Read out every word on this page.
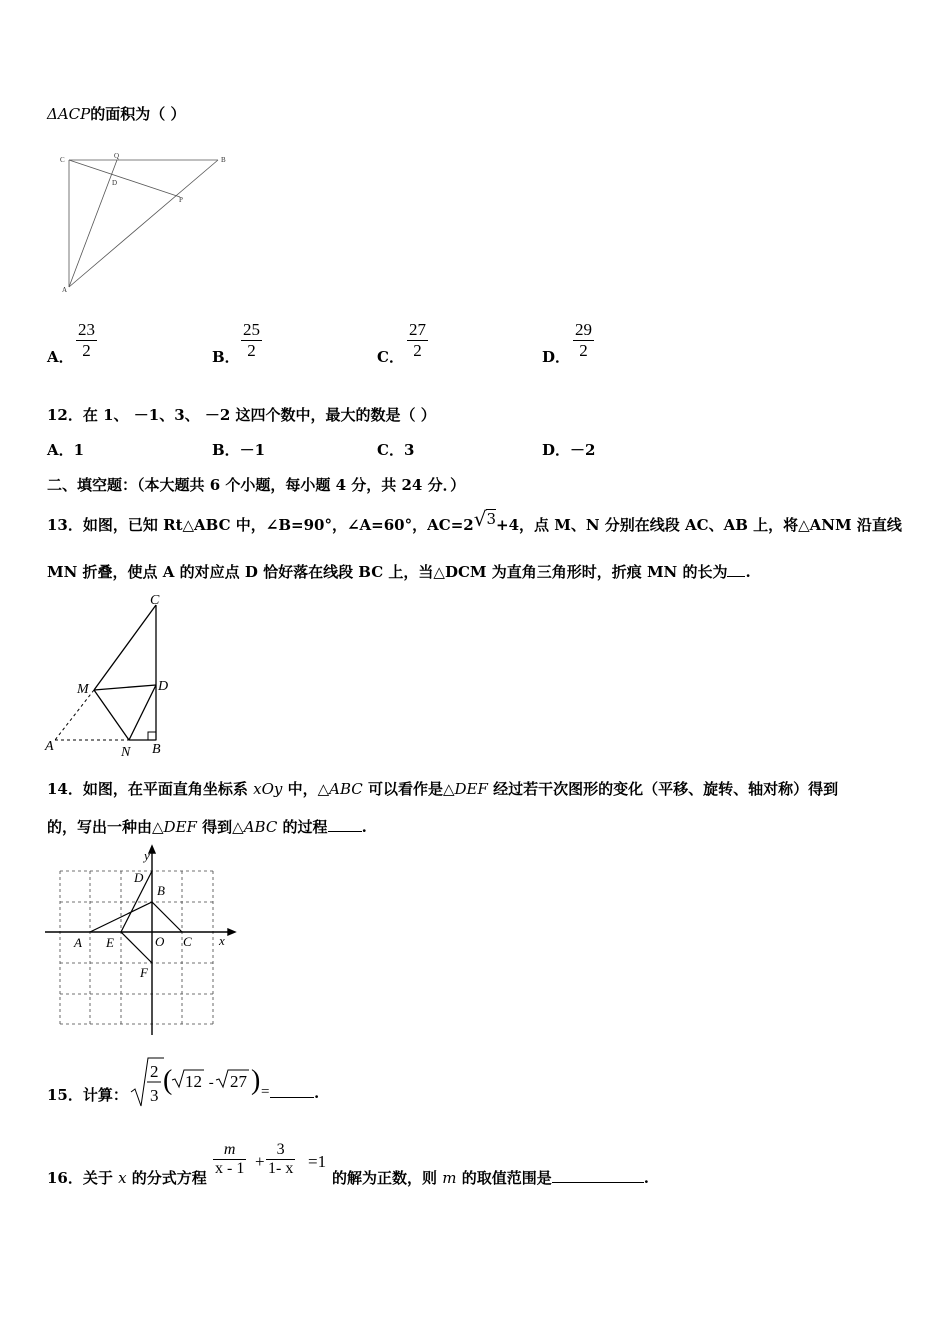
ΔACP的面积为（ ）
C	Q	B
D
P
A
A． $\frac{23}{2}$	B． $\frac{25}{2}$	C． $\frac{27}{2}$	D． $\frac{29}{2}$
12．在 1、 －1、3、 －2 这四个数中，最大的数是（ ）
A．1	B．－1	C．3	D．－2
二、填空题：（本大题共 6 个小题，每小题 4 分，共 24 分．）
13．如图，已知 Rt△ABC 中，∠B=90°，∠A=60°，AC=2√3+4，点 M、N 分别在线段 AC、AB 上，将△ANM 沿直线
MN 折叠，使点 A 的对应点 D 恰好落在线段 BC 上，当△DCM 为直角三角形时，折痕 MN 的长为 .
C
M	D
A	N B
14．如图，在平面直角坐标系 xOy 中，△ABC 可以看作是△DEF 经过若干次图形的变化（平移、旋转、轴对称）得到
的，写出一种由△DEF 得到△ABC 的过程 .
y
D
B
A E	O C x
F
15．计算：
2
3 ( 12 - 27 ) =	.
16．关于 x 的分式方程 $\frac{m}{x - 1} + \frac{3}{1- x} =1$
的解为正数，则 m 的取值范围是	.
